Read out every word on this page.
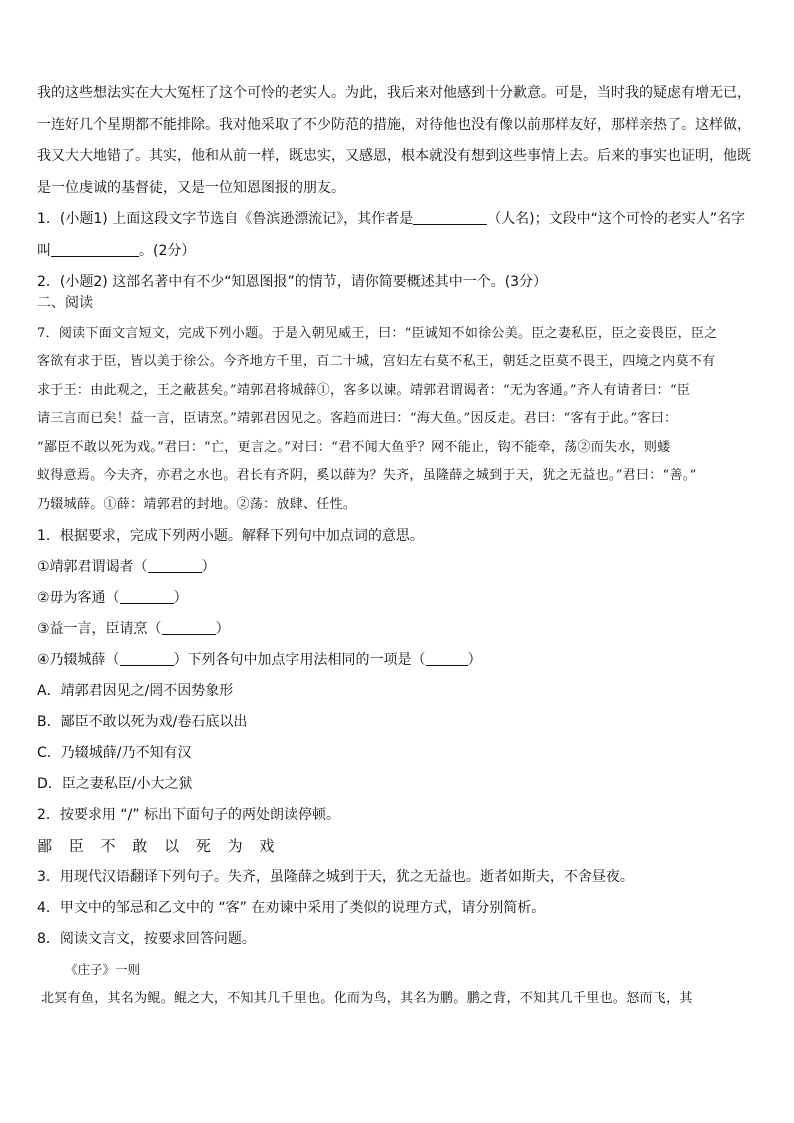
我的这些想法实在大大冤枉了这个可怜的老实人。为此，我后来对他感到十分歉意。可是，当时我的疑虑有增无已，

一连好几个星期都不能排除。我对他采取了不少防范的措施，对待他也没有像以前那样友好，那样亲热了。这样做，

我又大大地错了。其实，他和从前一样，既忠实，又感恩，根本就没有想到这些事情上去。后来的事实也证明，他既

是一位虔诚的基督徒，又是一位知恩图报的朋友。

1．(小题1) 上面这段文字节选自《鲁滨逊漂流记》，其作者是	（人名)；文段中“这个可怜的老实人”名字

叫	。(2分）

2．(小题2) 这部名著中有不少“知恩图报”的情节，请你简要概述其中一个。(3分）

二、阅读

7．阅读下面文言短文，完成下列小题。于是入朝见威王，曰：“臣诚知不如徐公美。臣之妻私臣，臣之妾畏臣，臣之

客欲有求于臣，皆以美于徐公。今齐地方千里，百二十城，宫妇左右莫不私王，朝廷之臣莫不畏王，四境之内莫不有

求于王：由此观之，王之蔽甚矣。”靖郭君将城薛①，客多以谏。靖郭君谓谒者：“无为客通。”齐人有请者曰：“臣

请三言而已矣！益一言，臣请烹。”靖郭君因见之。客趋而进曰：“海大鱼。”因反走。君曰：“客有于此。”客曰：

“鄙臣不敢以死为戏。”君曰：“亡，更言之。”对曰：“君不闻大鱼乎？网不能止，钩不能牵，荡②而失水，则蝼

蚁得意焉。今夫齐，亦君之水也。君长有齐阴，奚以薛为？失齐，虽隆薛之城到于天，犹之无益也。”君曰：“善。”

乃辍城薛。①薛：靖郭君的封地。②荡：放肆、任性。

1．根据要求，完成下列两小题。解释下列句中加点词的意思。

①靖郭君谓谒者（	）

②毋为客通（	）

③益一言，臣请烹（	）

④乃辍城薛（	）下列各句中加点字用法相同的一项是（	）

A．靖郭君因见之/罔不因势象形

B．鄙臣不敢以死为戏/卷石底以出

C．乃辍城薛/乃不知有汉

D．臣之妻私臣/小大之狱

2．按要求用 “/” 标出下面句子的两处朗读停顿。

鄙 臣 不 敢 以 死 为 戏

3．用现代汉语翻译下列句子。失齐，虽隆薛之城到于天，犹之无益也。逝者如斯夫，不舍昼夜。

4．甲文中的邹忌和乙文中的 “客” 在劝谏中采用了类似的说理方式，请分别简析。

8．阅读文言文，按要求回答问题。

《庄子》一则

北冥有鱼，其名为鲲。鲲之大，不知其几千里也。化而为鸟，其名为鹏。鹏之背，不知其几千里也。怒而飞，其
